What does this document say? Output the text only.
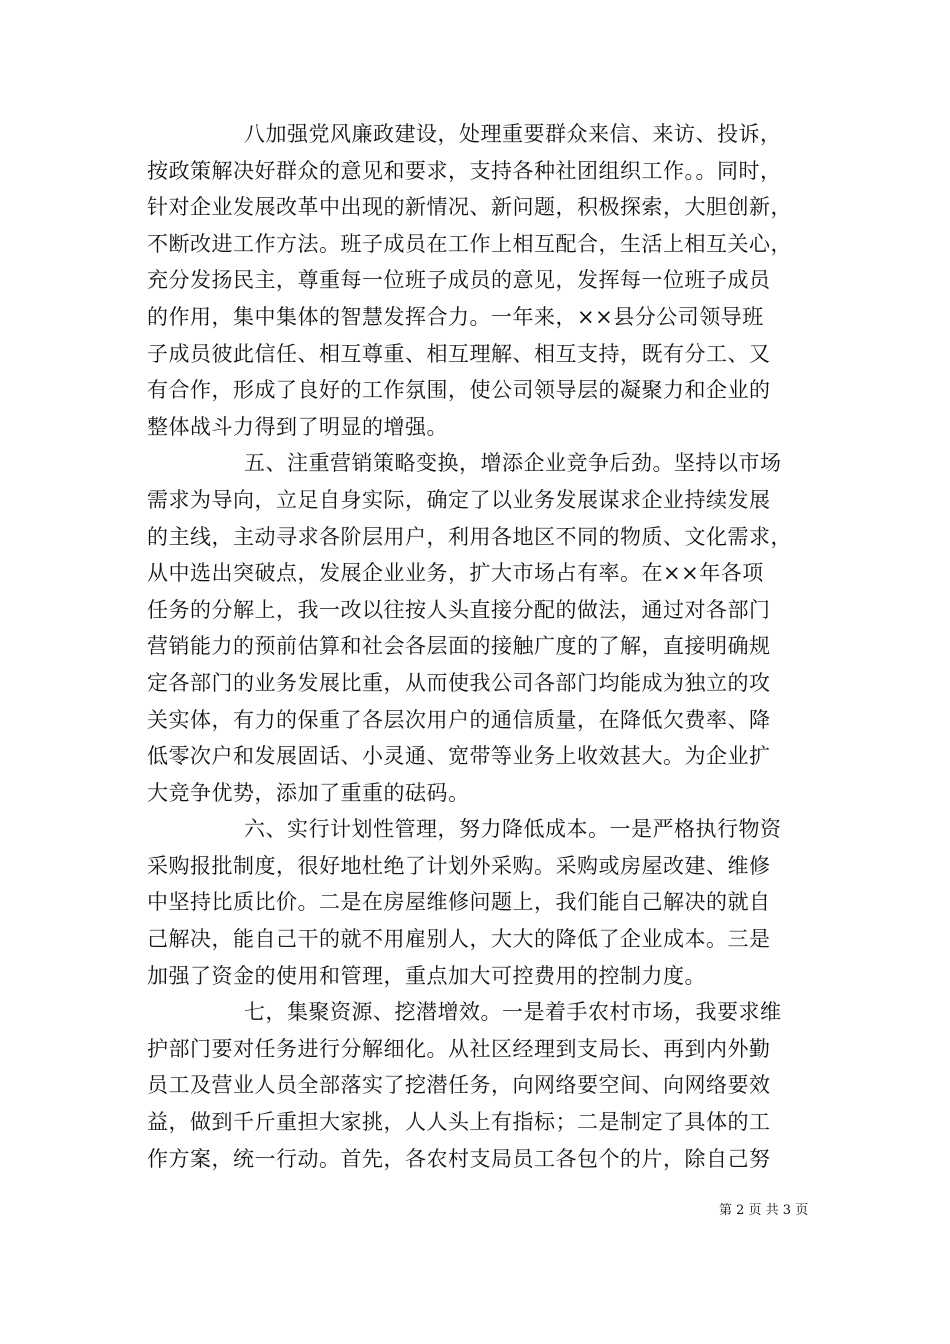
八加强党风廉政建设，处理重要群众来信、来访、投诉，
按政策解决好群众的意见和要求，支持各种社团组织工作。。同时，
针对企业发展改革中出现的新情况、新问题，积极探索，大胆创新，
不断改进工作方法。班子成员在工作上相互配合，生活上相互关心，
充分发扬民主，尊重每一位班子成员的意见，发挥每一位班子成员
的作用，集中集体的智慧发挥合力。一年来，××县分公司领导班
子成员彼此信任、相互尊重、相互理解、相互支持，既有分工、又
有合作，形成了良好的工作氛围，使公司领导层的凝聚力和企业的
整体战斗力得到了明显的增强。
五、注重营销策略变换，增添企业竞争后劲。坚持以市场
需求为导向，立足自身实际，确定了以业务发展谋求企业持续发展
的主线，主动寻求各阶层用户，利用各地区不同的物质、文化需求，
从中选出突破点，发展企业业务，扩大市场占有率。在××年各项
任务的分解上，我一改以往按人头直接分配的做法，通过对各部门
营销能力的预前估算和社会各层面的接触广度的了解，直接明确规
定各部门的业务发展比重，从而使我公司各部门均能成为独立的攻
关实体，有力的保重了各层次用户的通信质量，在降低欠费率、降
低零次户和发展固话、小灵通、宽带等业务上收效甚大。为企业扩
大竞争优势，添加了重重的砝码。
六、实行计划性管理，努力降低成本。一是严格执行物资
采购报批制度，很好地杜绝了计划外采购。采购或房屋改建、维修
中坚持比质比价。二是在房屋维修问题上，我们能自己解决的就自
己解决，能自己干的就不用雇别人，大大的降低了企业成本。三是
加强了资金的使用和管理，重点加大可控费用的控制力度。
七，集聚资源、挖潜增效。一是着手农村市场，我要求维
护部门要对任务进行分解细化。从社区经理到支局长、再到内外勤
员工及营业人员全部落实了挖潜任务，向网络要空间、向网络要效
益，做到千斤重担大家挑，人人头上有指标；二是制定了具体的工
作方案，统一行动。首先，各农村支局员工各包个的片，除自己努
第 2 页 共 3 页
